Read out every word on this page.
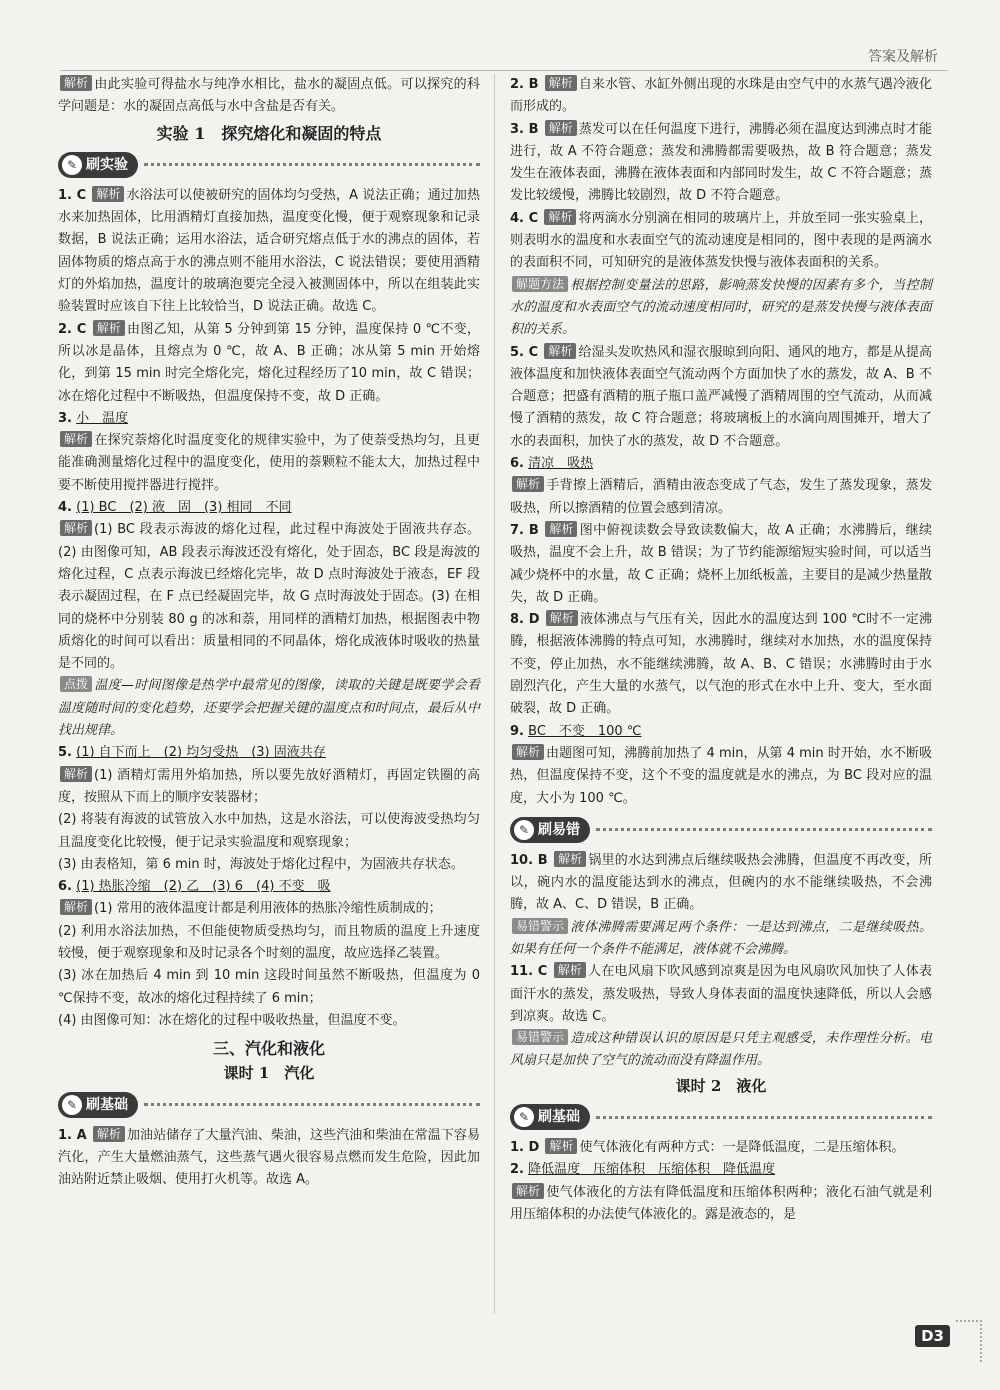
答案及解析

解析 由此实验可得盐水与纯净水相比，盐水的凝固点低。可以探究的科学问题是：水的凝固点高低与水中含盐是否有关。

实验 1　探究熔化和凝固的特点
✎ 刷实验

1. C 解析 水浴法可以使被研究的固体均匀受热，A 说法正确；通过加热水来加热固体，比用酒精灯直接加热，温度变化慢，便于观察现象和记录数据，B 说法正确；运用水浴法，适合研究熔点低于水的沸点的固体，若固体物质的熔点高于水的沸点则不能用水浴法，C 说法错误；要使用酒精灯的外焰加热，温度计的玻璃泡要完全浸入被测固体中，所以在组装此实验装置时应该自下往上比较恰当，D 说法正确。故选 C。

2. C 解析 由图乙知，从第 5 分钟到第 15 分钟，温度保持 0 ℃不变，所以冰是晶体，且熔点为 0 ℃，故 A、B 正确；冰从第 5 min 开始熔化，到第 15 min 时完全熔化完，熔化过程经历了10 min，故 C 错误；冰在熔化过程中不断吸热，但温度保持不变，故 D 正确。

3. 小　温度
解析 在探究萘熔化时温度变化的规律实验中，为了使萘受热均匀，且更能准确测量熔化过程中的温度变化，使用的萘颗粒不能太大，加热过程中要不断使用搅拌器进行搅拌。

4. (1) BC　(2) 液　固　(3) 相同　不同
解析 (1) BC 段表示海波的熔化过程，此过程中海波处于固液共存态。(2) 由图像可知，AB 段表示海波还没有熔化，处于固态，BC 段是海波的熔化过程，C 点表示海波已经熔化完毕，故 D 点时海波处于液态，EF 段表示凝固过程，在 F 点已经凝固完毕，故 G 点时海波处于固态。(3) 在相同的烧杯中分别装 80 g 的冰和萘，用同样的酒精灯加热，根据图表中物质熔化的时间可以看出：质量相同的不同晶体，熔化成液体时吸收的热量是不同的。
点拨 温度—时间图像是热学中最常见的图像，读取的关键是既要学会看温度随时间的变化趋势，还要学会把握关键的温度点和时间点，最后从中找出规律。

5. (1) 自下而上　(2) 均匀受热　(3) 固液共存
解析 (1) 酒精灯需用外焰加热，所以要先放好酒精灯，再固定铁圈的高度，按照从下而上的顺序安装器材；
(2) 将装有海波的试管放入水中加热，这是水浴法，可以使海波受热均匀且温度变化比较慢，便于记录实验温度和观察现象；
(3) 由表格知，第 6 min 时，海波处于熔化过程中，为固液共存状态。

6. (1) 热胀冷缩　(2) 乙　(3) 6　(4) 不变　吸
解析 (1) 常用的液体温度计都是利用液体的热胀冷缩性质制成的；
(2) 利用水浴法加热，不但能使物质受热均匀，而且物质的温度上升速度较慢，便于观察现象和及时记录各个时刻的温度，故应选择乙装置。
(3) 冰在加热后 4 min 到 10 min 这段时间虽然不断吸热，但温度为 0 ℃保持不变，故冰的熔化过程持续了 6 min；
(4) 由图像可知：冰在熔化的过程中吸收热量，但温度不变。

三、汽化和液化
课时 1　汽化
✎ 刷基础

1. A 解析 加油站储存了大量汽油、柴油，这些汽油和柴油在常温下容易汽化，产生大量燃油蒸气，这些蒸气遇火很容易点燃而发生危险，因此加油站附近禁止吸烟、使用打火机等。故选 A。

2. B 解析 自来水管、水缸外侧出现的水珠是由空气中的水蒸气遇冷液化而形成的。

3. B 解析 蒸发可以在任何温度下进行，沸腾必须在温度达到沸点时才能进行，故 A 不符合题意；蒸发和沸腾都需要吸热，故 B 符合题意；蒸发发生在液体表面，沸腾在液体表面和内部同时发生，故 C 不符合题意；蒸发比较缓慢，沸腾比较剧烈，故 D 不符合题意。

4. C 解析 将两滴水分别滴在相同的玻璃片上，并放至同一张实验桌上，则表明水的温度和水表面空气的流动速度是相同的，图中表现的是两滴水的表面积不同，可知研究的是液体蒸发快慢与液体表面积的关系。
解题方法 根据控制变量法的思路，影响蒸发快慢的因素有多个，当控制水的温度和水表面空气的流动速度相同时，研究的是蒸发快慢与液体表面积的关系。

5. C 解析 给湿头发吹热风和湿衣服晾到向阳、通风的地方，都是从提高液体温度和加快液体表面空气流动两个方面加快了水的蒸发，故 A、B 不合题意；把盛有酒精的瓶子瓶口盖严减慢了酒精周围的空气流动，从而减慢了酒精的蒸发，故 C 符合题意；将玻璃板上的水滴向周围摊开，增大了水的表面积，加快了水的蒸发，故 D 不合题意。

6. 清凉　吸热
解析 手背擦上酒精后，酒精由液态变成了气态，发生了蒸发现象，蒸发吸热，所以擦酒精的位置会感到清凉。

7. B 解析 图中俯视读数会导致读数偏大，故 A 正确；水沸腾后，继续吸热，温度不会上升，故 B 错误；为了节约能源缩短实验时间，可以适当减少烧杯中的水量，故 C 正确；烧杯上加纸板盖，主要目的是减少热量散失，故 D 正确。

8. D 解析 液体沸点与气压有关，因此水的温度达到 100 ℃时不一定沸腾，根据液体沸腾的特点可知，水沸腾时，继续对水加热，水的温度保持不变，停止加热，水不能继续沸腾，故 A、B、C 错误；水沸腾时由于水剧烈汽化，产生大量的水蒸气，以气泡的形式在水中上升、变大，至水面破裂，故 D 正确。

9. BC　不变　100 ℃
解析 由题图可知，沸腾前加热了 4 min，从第 4 min 时开始，水不断吸热，但温度保持不变，这个不变的温度就是水的沸点，为 BC 段对应的温度，大小为 100 ℃。

✎ 刷易错

10. B 解析 锅里的水达到沸点后继续吸热会沸腾，但温度不再改变，所以，碗内水的温度能达到水的沸点，但碗内的水不能继续吸热，不会沸腾，故 A、C、D 错误，B 正确。
易错警示 液体沸腾需要满足两个条件：一是达到沸点，二是继续吸热。如果有任何一个条件不能满足，液体就不会沸腾。

11. C 解析 人在电风扇下吹风感到凉爽是因为电风扇吹风加快了人体表面汗水的蒸发，蒸发吸热，导致人身体表面的温度快速降低，所以人会感到凉爽。故选 C。
易错警示 造成这种错误认识的原因是只凭主观感受，未作理性分析。电风扇只是加快了空气的流动而没有降温作用。

课时 2　液化
✎ 刷基础

1. D 解析 使气体液化有两种方式：一是降低温度，二是压缩体积。

2. 降低温度　压缩体积　压缩体积　降低温度
解析 使气体液化的方法有降低温度和压缩体积两种；液化石油气就是利用压缩体积的办法使气体液化的。露是液态的，是

D3
